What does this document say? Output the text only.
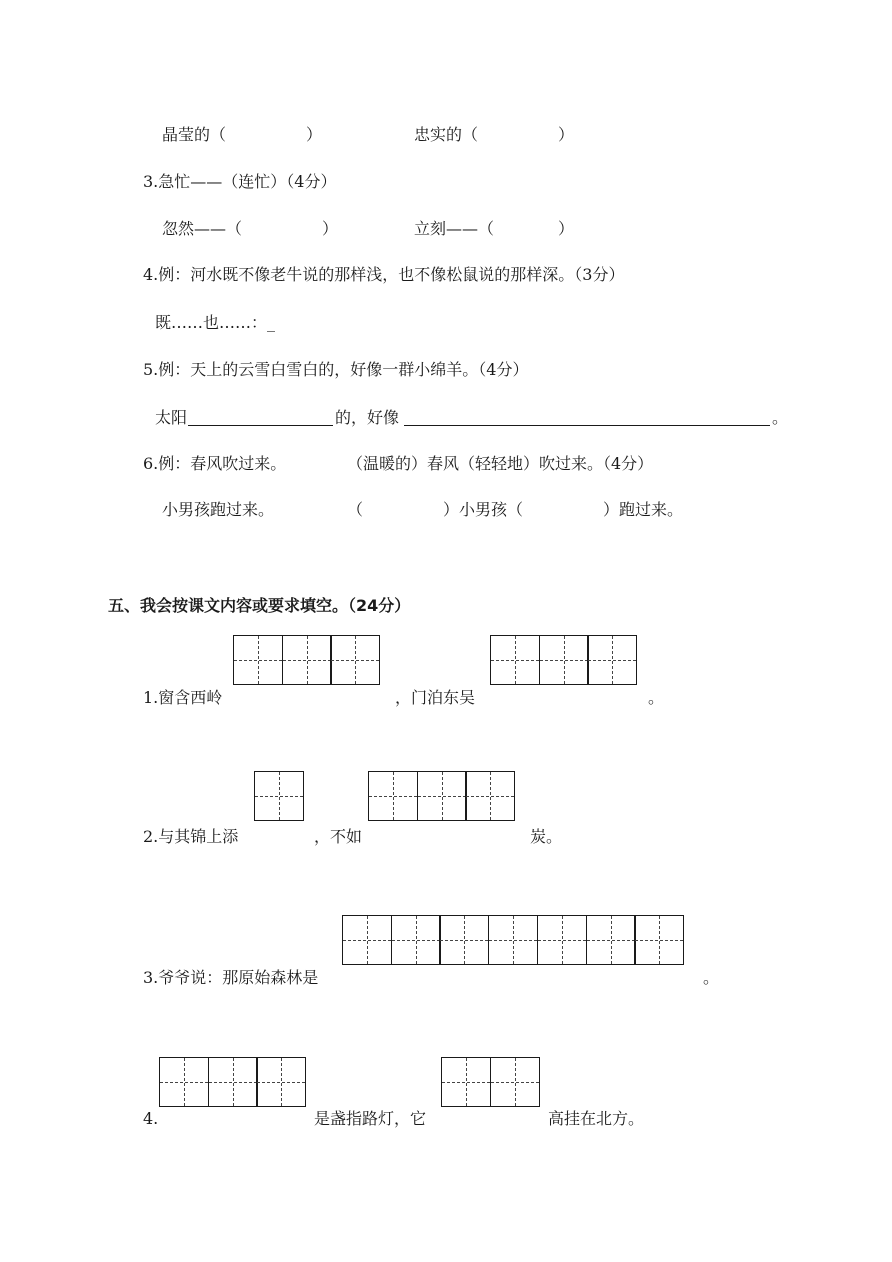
晶莹的（　　　　　）	忠实的（　　　　　）
3.急忙——（连忙）（4分）
忽然——（　　　　　）	立刻——（　　　　）
4.例：河水既不像老牛说的那样浅，也不像松鼠说的那样深。（3分）
既……也……：_
5.例：天上的云雪白雪白的，好像一群小绵羊。（4分）
太阳	的，好像	。
6.例：春风吹过来。	（温暖的）春风（轻轻地）吹过来。（4分）
小男孩跑过来。	（　　　　　）小男孩（　　　　　）跑过来。
五、我会按课文内容或要求填空。（24分）
1.窗含西岭	，门泊东吴	。
2.与其锦上添	，不如	炭。
3.爷爷说：那原始森林是	。
4.	是盏指路灯，它	高挂在北方。
